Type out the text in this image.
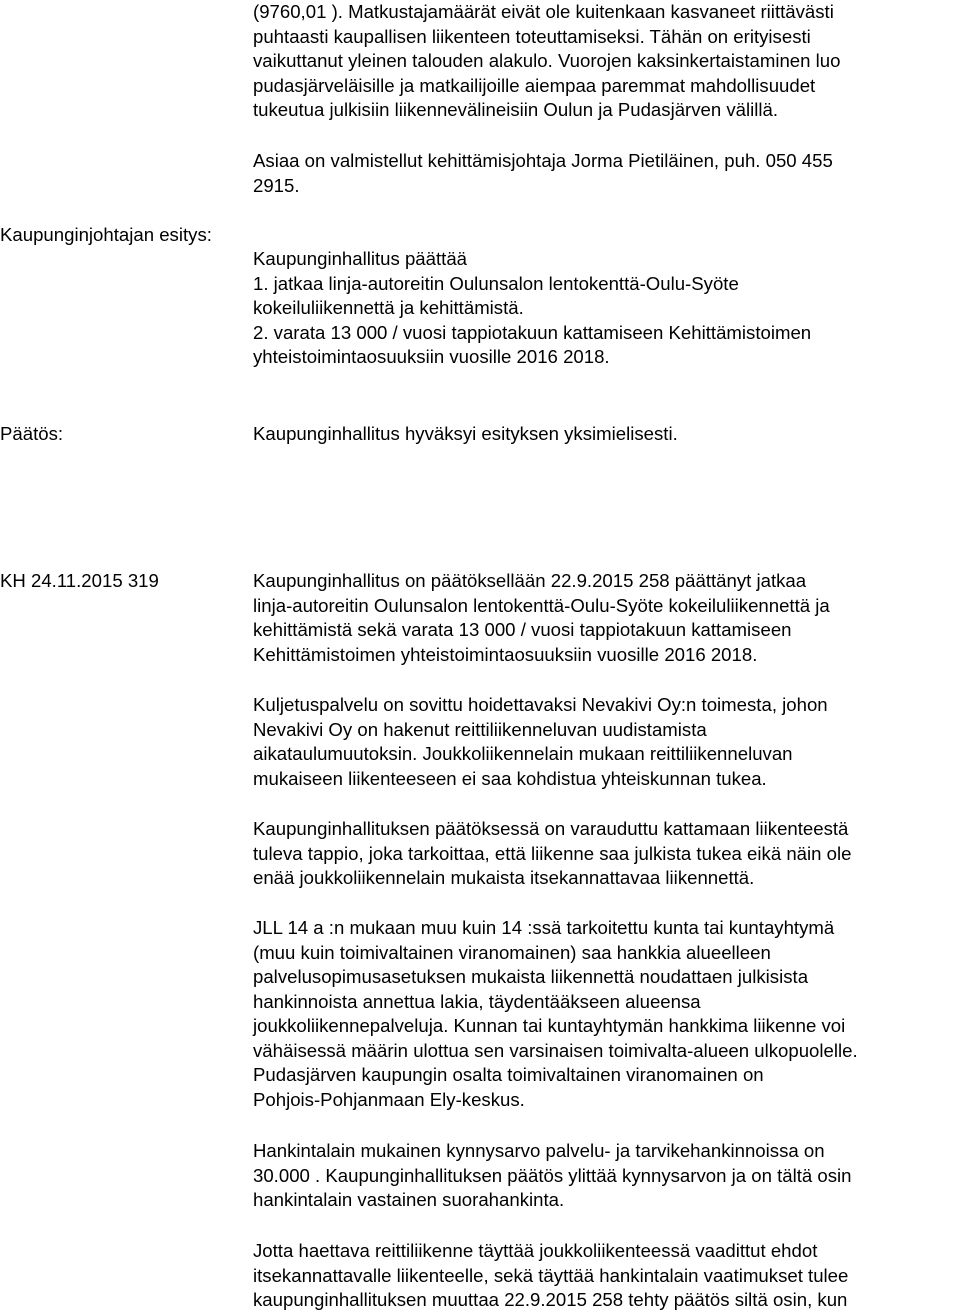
(9760,01 ). Matkustajamäärät eivät ole kuitenkaan kasvaneet riittävästi
puhtaasti kaupallisen liikenteen toteuttamiseksi. Tähän on erityisesti
vaikuttanut yleinen talouden alakulo. Vuorojen kaksinkertaistaminen luo
pudasjärveläisille ja matkailijoille aiempaa paremmat mahdollisuudet
tukeutua julkisiin liikennevälineisiin Oulun ja Pudasjärven välillä.
Asiaa on valmistellut kehittämisjohtaja Jorma Pietiläinen, puh. 050 455
2915.
Kaupunginjohtajan esitys:
Kaupunginhallitus päättää
1. jatkaa linja-autoreitin Oulunsalon lentokenttä-Oulu-Syöte
kokeiluliikennettä ja kehittämistä.
2. varata 13 000 / vuosi tappiotakuun kattamiseen Kehittämistoimen
yhteistoimintaosuuksiin vuosille 2016 2018.
Päätös:	Kaupunginhallitus hyväksyi esityksen yksimielisesti.
KH 24.11.2015 319	Kaupunginhallitus on päätöksellään 22.9.2015 258 päättänyt jatkaa
linja-autoreitin Oulunsalon lentokenttä-Oulu-Syöte kokeiluliikennettä ja
kehittämistä sekä varata 13 000 / vuosi tappiotakuun kattamiseen
Kehittämistoimen yhteistoimintaosuuksiin vuosille 2016 2018.
Kuljetuspalvelu on sovittu hoidettavaksi Nevakivi Oy:n toimesta, johon
Nevakivi Oy on hakenut reittiliikenneluvan uudistamista
aikataulumuutoksin. Joukkoliikennelain mukaan reittiliikenneluvan
mukaiseen liikenteeseen ei saa kohdistua yhteiskunnan tukea.
Kaupunginhallituksen päätöksessä on varauduttu kattamaan liikenteestä
tuleva tappio, joka tarkoittaa, että liikenne saa julkista tukea eikä näin ole
enää joukkoliikennelain mukaista itsekannattavaa liikennettä.
JLL 14 a :n mukaan muu kuin 14 :ssä tarkoitettu kunta tai kuntayhtymä
(muu kuin toimivaltainen viranomainen) saa hankkia alueelleen
palvelusopimusasetuksen mukaista liikennettä noudattaen julkisista
hankinnoista annettua lakia, täydentääkseen alueensa
joukkoliikennepalveluja. Kunnan tai kuntayhtymän hankkima liikenne voi
vähäisessä määrin ulottua sen varsinaisen toimivalta-alueen ulkopuolelle.
Pudasjärven kaupungin osalta toimivaltainen viranomainen on
Pohjois-Pohjanmaan Ely-keskus.
Hankintalain mukainen kynnysarvo palvelu- ja tarvikehankinnoissa on
30.000 . Kaupunginhallituksen päätös ylittää kynnysarvon ja on tältä osin
hankintalain vastainen suorahankinta.
Jotta haettava reittiliikenne täyttää joukkoliikenteessä vaadittut ehdot
itsekannattavalle liikenteelle, sekä täyttää hankintalain vaatimukset tulee
kaupunginhallituksen muuttaa 22.9.2015 258 tehty päätös siltä osin, kun
